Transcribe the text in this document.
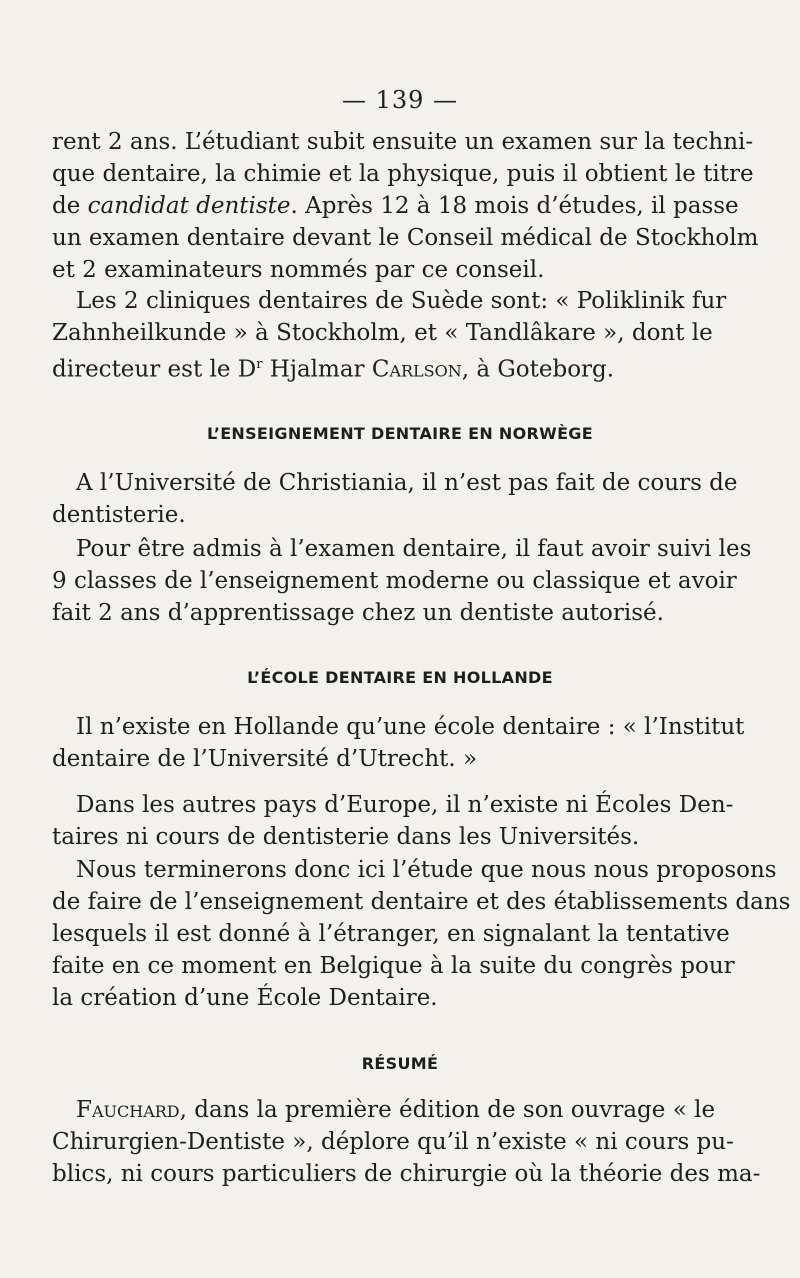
— 139 —
rent 2 ans. L’étudiant subit ensuite un examen sur la techni-
que dentaire, la chimie et la physique, puis il obtient le titre
de candidat dentiste. Après 12 à 18 mois d’études, il passe
un examen dentaire devant le Conseil médical de Stockholm
et 2 examinateurs nommés par ce conseil.
Les 2 cliniques dentaires de Suède sont: « Poliklinik fur
Zahnheilkunde » à Stockholm, et « Tandlâkare », dont le
directeur est le $D^r$ Hjalmar Carlson, à Goteborg.
L’ENSEIGNEMENT DENTAIRE EN NORWÈGE
A l’Université de Christiania, il n’est pas fait de cours de
dentisterie.
Pour être admis à l’examen dentaire, il faut avoir suivi les
9 classes de l’enseignement moderne ou classique et avoir
fait 2 ans d’apprentissage chez un dentiste autorisé.
L’ÉCOLE DENTAIRE EN HOLLANDE
Il n’existe en Hollande qu’une école dentaire : « l’Institut
dentaire de l’Université d’Utrecht. »
Dans les autres pays d’Europe, il n’existe ni Écoles Den-
taires ni cours de dentisterie dans les Universités.
Nous terminerons donc ici l’étude que nous nous proposons
de faire de l’enseignement dentaire et des établissements dans
lesquels il est donné à l’étranger, en signalant la tentative
faite en ce moment en Belgique à la suite du congrès pour
la création d’une École Dentaire.
RÉSUMÉ
Fauchard, dans la première édition de son ouvrage « le
Chirurgien-Dentiste », déplore qu’il n’existe « ni cours pu-
blics, ni cours particuliers de chirurgie où la théorie des ma-
